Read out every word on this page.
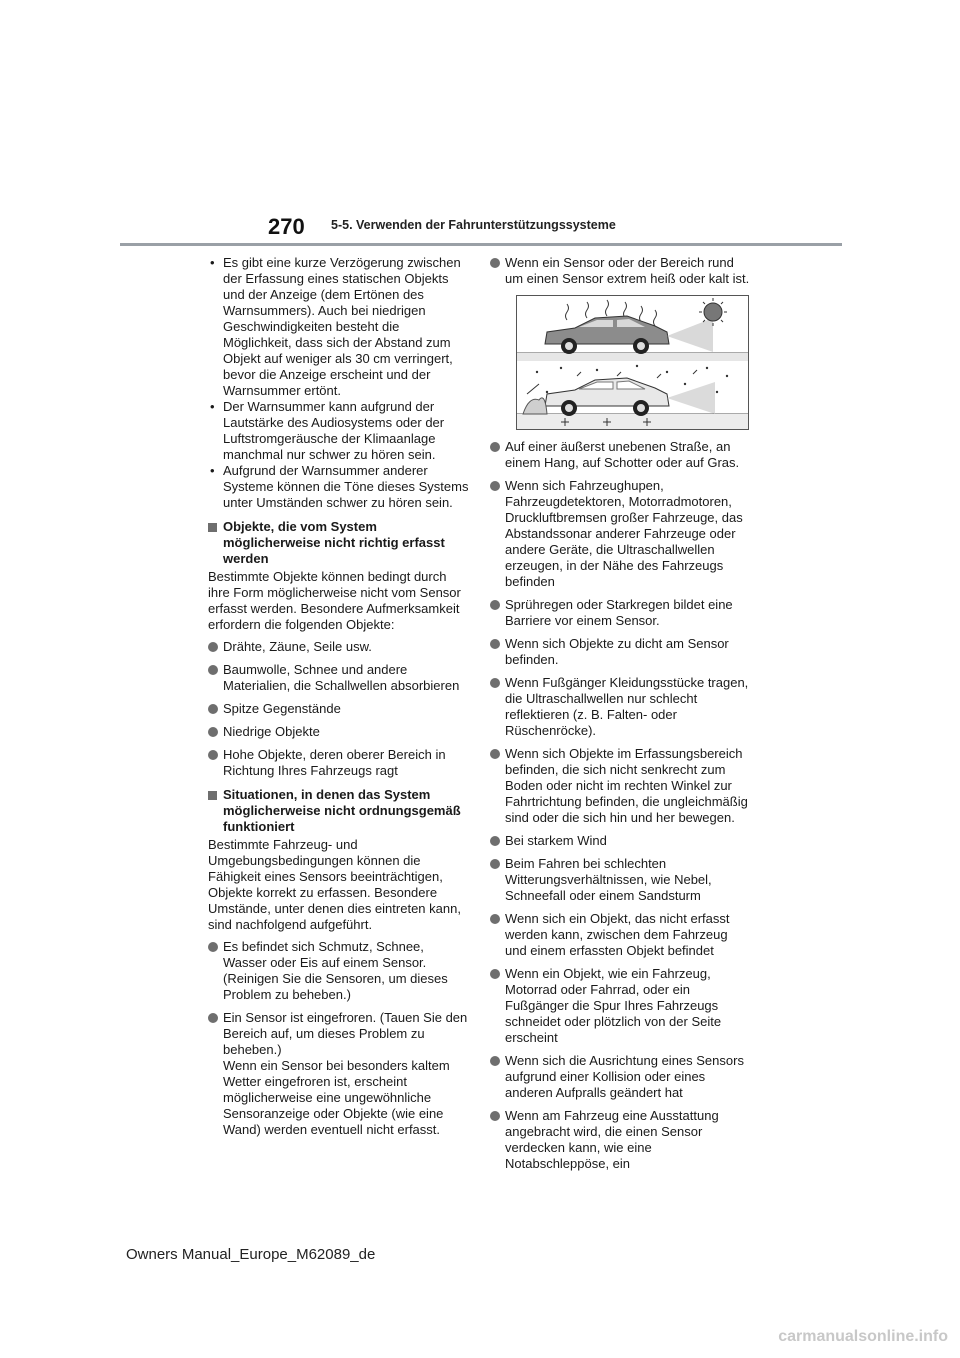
270 5-5. Verwenden der Fahrunterstützungssysteme
• Es gibt eine kurze Verzögerung zwischen der Erfassung eines statischen Objekts und der Anzeige (dem Ertönen des Warnsummers). Auch bei niedrigen Geschwindigkeiten besteht die Möglichkeit, dass sich der Abstand zum Objekt auf weniger als 30 cm verringert, bevor die Anzeige erscheint und der Warnsummer ertönt.
• Der Warnsummer kann aufgrund der Lautstärke des Audiosystems oder der Luftstromgeräusche der Klimaanlage manchmal nur schwer zu hören sein.
• Aufgrund der Warnsummer anderer Systeme können die Töne dieses Systems unter Umständen schwer zu hören sein.
Objekte, die vom System möglicherweise nicht richtig erfasst werden

Bestimmte Objekte können bedingt durch ihre Form möglicherweise nicht vom Sensor erfasst werden. Besondere Aufmerksamkeit erfordern die folgenden Objekte:

Drähte, Zäune, Seile usw.
Baumwolle, Schnee und andere Materialien, die Schallwellen absorbieren
Spitze Gegenstände
Niedrige Objekte
Hohe Objekte, deren oberer Bereich in Richtung Ihres Fahrzeugs ragt
Situationen, in denen das System möglicherweise nicht ordnungsgemäß funktioniert

Bestimmte Fahrzeug- und Umgebungsbedingungen können die Fähigkeit eines Sensors beeinträchtigen, Objekte korrekt zu erfassen. Besondere Umstände, unter denen dies eintreten kann, sind nachfolgend aufgeführt.

Es befindet sich Schmutz, Schnee, Wasser oder Eis auf einem Sensor. (Reinigen Sie die Sensoren, um dieses Problem zu beheben.)
Ein Sensor ist eingefroren. (Tauen Sie den Bereich auf, um dieses Problem zu beheben.)
Wenn ein Sensor bei besonders kaltem Wetter eingefroren ist, erscheint möglicherweise eine ungewöhnliche Sensoranzeige oder Objekte (wie eine Wand) werden eventuell nicht erfasst.
Wenn ein Sensor oder der Bereich rund um einen Sensor extrem heiß oder kalt ist.
Auf einer äußerst unebenen Straße, an einem Hang, auf Schotter oder auf Gras.
Wenn sich Fahrzeughupen, Fahrzeugdetektoren, Motorradmotoren, Druckluftbremsen großer Fahrzeuge, das Abstandssonar anderer Fahrzeuge oder andere Geräte, die Ultraschallwellen erzeugen, in der Nähe des Fahrzeugs befinden
Sprühregen oder Starkregen bildet eine Barriere vor einem Sensor.
Wenn sich Objekte zu dicht am Sensor befinden.
Wenn Fußgänger Kleidungsstücke tragen, die Ultraschallwellen nur schlecht reflektieren (z. B. Falten- oder Rüschenröcke).
Wenn sich Objekte im Erfassungsbereich befinden, die sich nicht senkrecht zum Boden oder nicht im rechten Winkel zur Fahrtrichtung befinden, die ungleichmäßig sind oder die sich hin und her bewegen.
Bei starkem Wind
Beim Fahren bei schlechten Witterungsverhältnissen, wie Nebel, Schneefall oder einem Sandsturm
Wenn sich ein Objekt, das nicht erfasst werden kann, zwischen dem Fahrzeug und einem erfassten Objekt befindet
Wenn ein Objekt, wie ein Fahrzeug, Motorrad oder Fahrrad, oder ein Fußgänger die Spur Ihres Fahrzeugs schneidet oder plötzlich von der Seite erscheint
Wenn sich die Ausrichtung eines Sensors aufgrund einer Kollision oder eines anderen Aufpralls geändert hat
Wenn am Fahrzeug eine Ausstattung angebracht wird, die einen Sensor verdecken kann, wie eine Notabschleppöse, ein
Owners Manual_Europe_M62089_de
carmanualsonline.info
